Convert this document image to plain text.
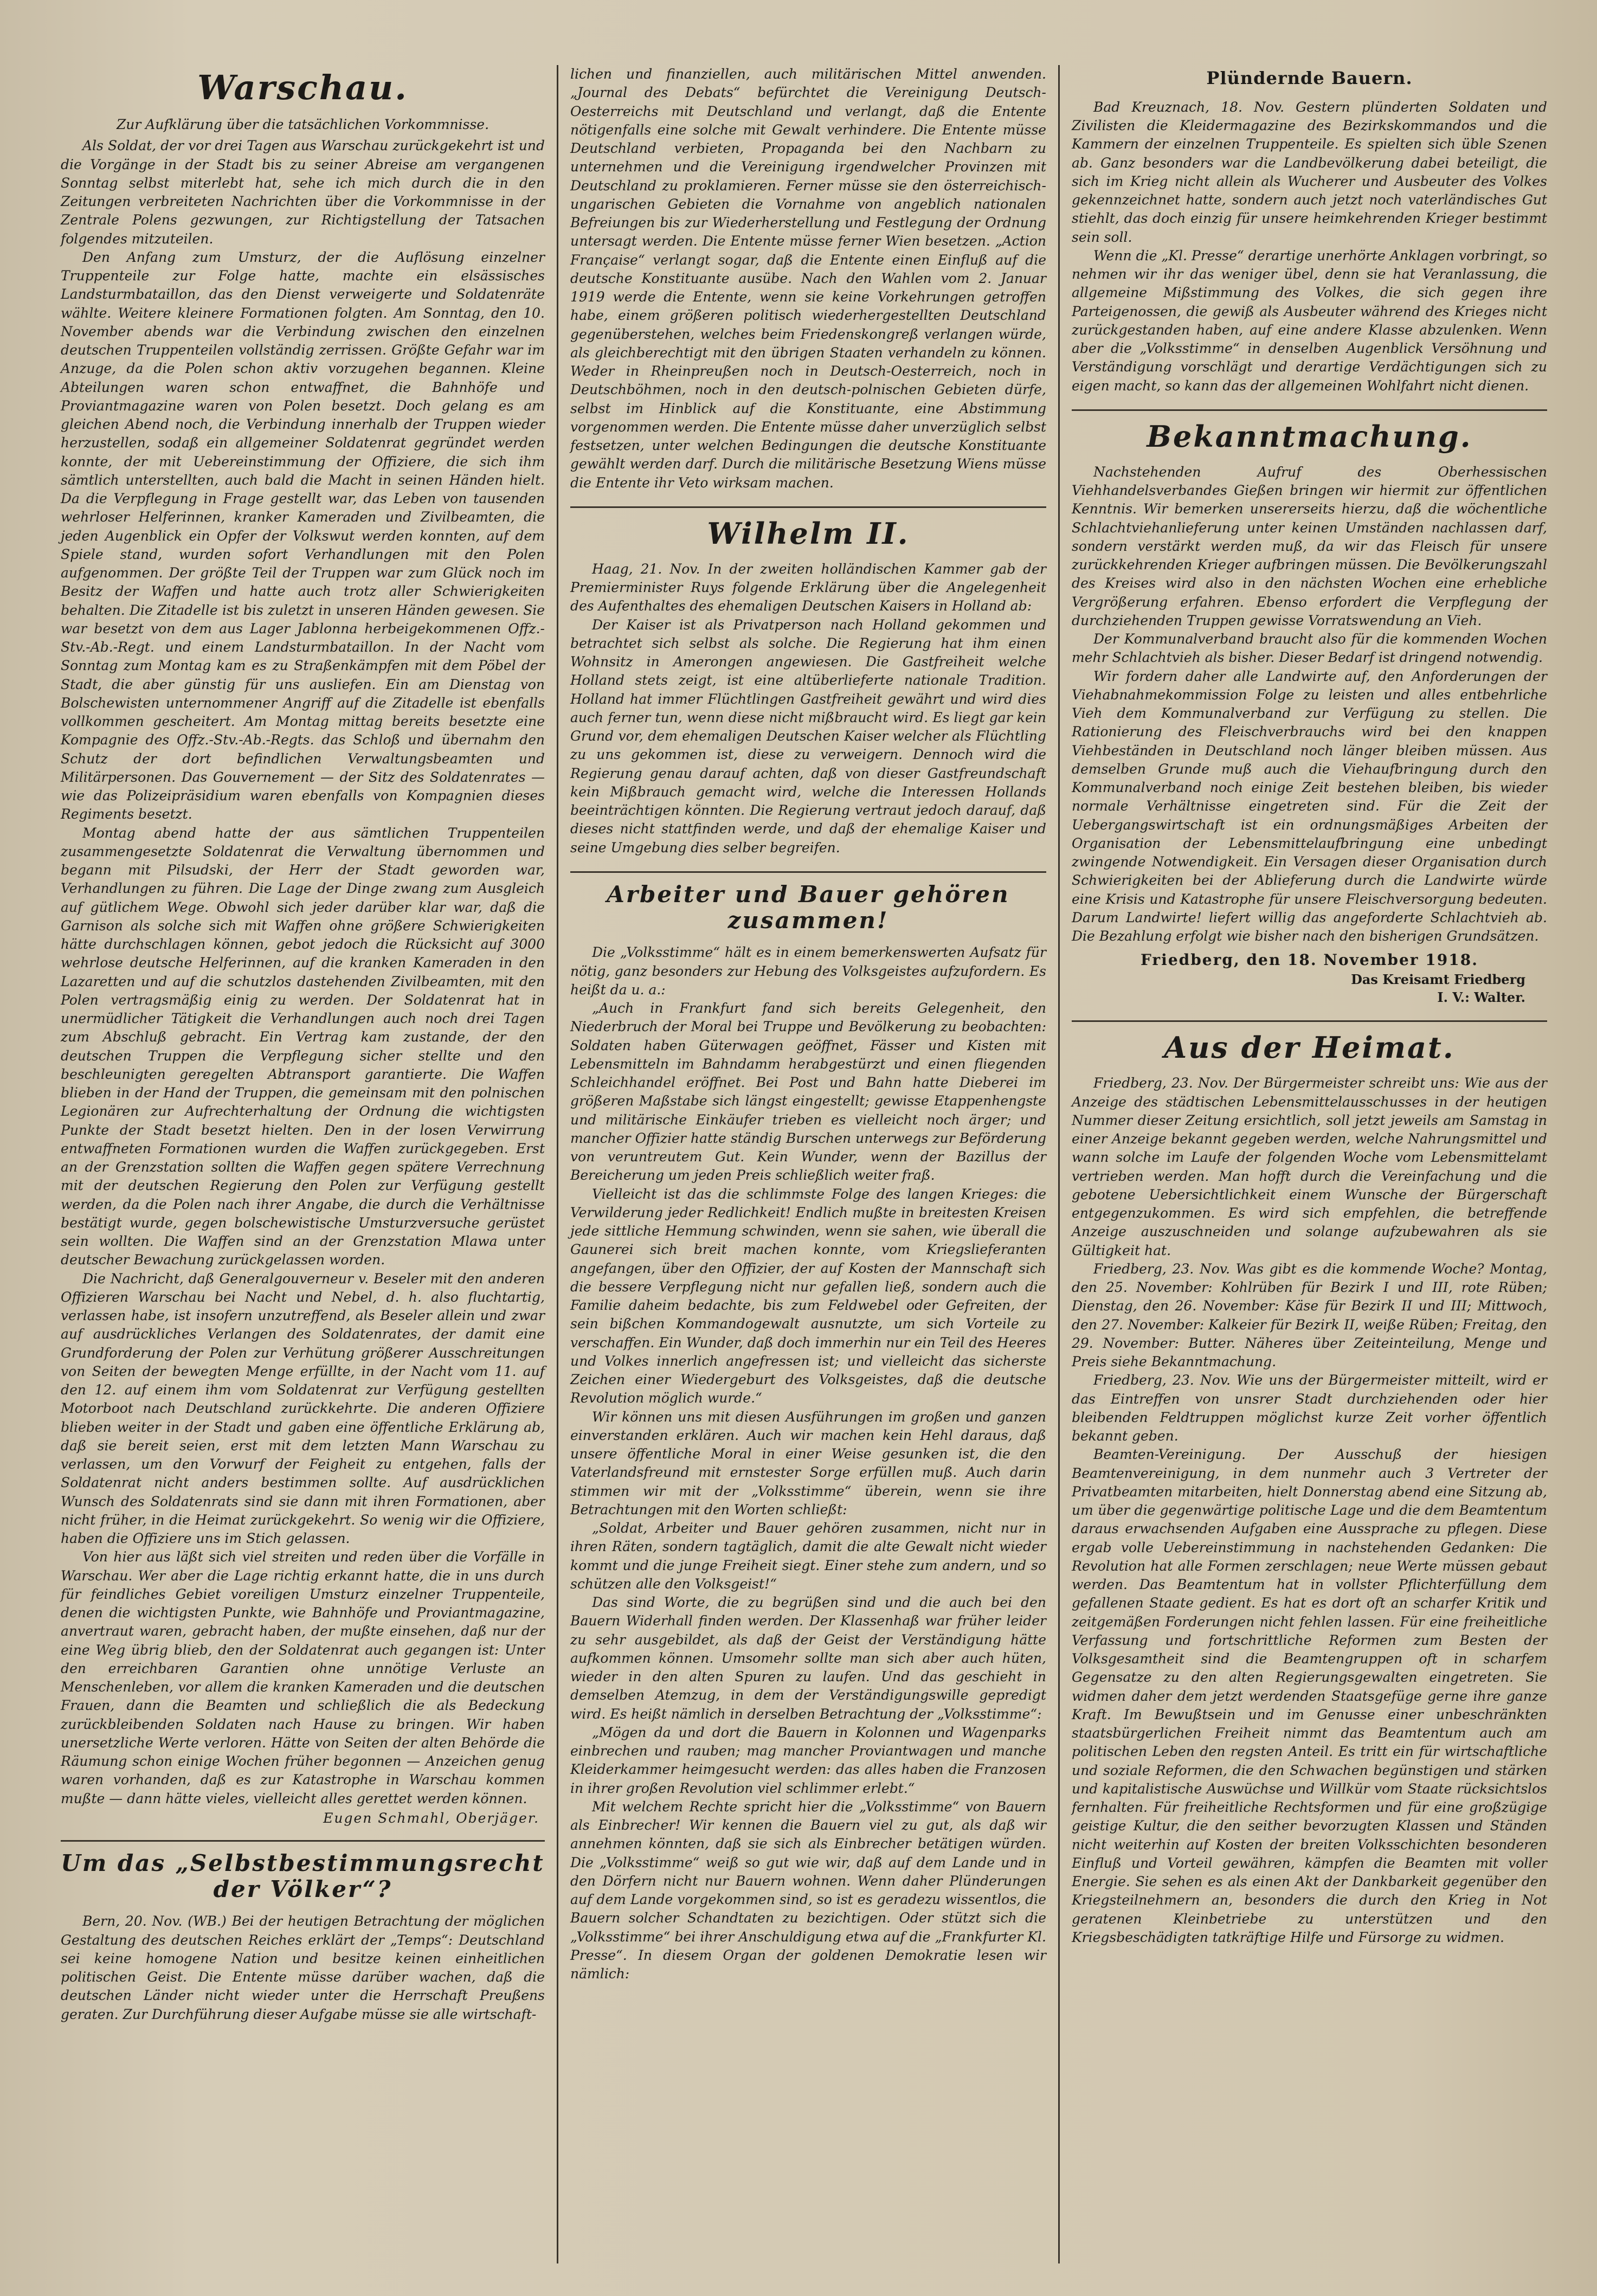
Warschau.
Zur Aufklärung über die tatsächlichen Vorkommnisse.

Als Soldat, der vor drei Tagen aus Warschau zurückgekehrt ist und die Vorgänge in der Stadt bis zu seiner Abreise am vergangenen Sonntag selbst miterlebt hat, sehe ich mich durch die in den Zeitungen verbreiteten Nachrichten über die Vorkommnisse in der Zentrale Polens gezwungen, zur Richtigstellung der Tatsachen folgendes mitzuteilen.

Den Anfang zum Umsturz, der die Auflösung einzelner Truppenteile zur Folge hatte, machte ein elsässisches Landsturmbataillon, das den Dienst verweigerte und Soldatenräte wählte. Weitere kleinere Formationen folgten. Am Sonntag, den 10. November abends war die Verbindung zwischen den einzelnen deutschen Truppenteilen vollständig zerrissen. Größte Gefahr war im Anzuge, da die Polen schon aktiv vorzugehen begannen. Kleine Abteilungen waren schon entwaffnet, die Bahnhöfe und Proviantmagazine waren von Polen besetzt. Doch gelang es am gleichen Abend noch, die Verbindung innerhalb der Truppen wieder herzustellen, sodaß ein allgemeiner Soldatenrat gegründet werden konnte, der mit Uebereinstimmung der Offiziere, die sich ihm sämtlich unterstellten, auch bald die Macht in seinen Händen hielt. Da die Verpflegung in Frage gestellt war, das Leben von tausenden wehrloser Helferinnen, kranker Kameraden und Zivilbeamten, die jeden Augenblick ein Opfer der Volkswut werden konnten, auf dem Spiele stand, wurden sofort Verhandlungen mit den Polen aufgenommen. Der größte Teil der Truppen war zum Glück noch im Besitz der Waffen und hatte auch trotz aller Schwierigkeiten behalten. Die Zitadelle ist bis zuletzt in unseren Händen gewesen. Sie war besetzt von dem aus Lager Jablonna herbeigekommenen Offz.-Stv.-Ab.-Regt. und einem Landsturmbataillon. In der Nacht vom Sonntag zum Montag kam es zu Straßenkämpfen mit dem Pöbel der Stadt, die aber günstig für uns ausliefen. Ein am Dienstag von Bolschewisten unternommener Angriff auf die Zitadelle ist ebenfalls vollkommen gescheitert. Am Montag mittag bereits besetzte eine Kompagnie des Offz.-Stv.-Ab.-Regts. das Schloß und übernahm den Schutz der dort befindlichen Verwaltungsbeamten und Militärpersonen. Das Gouvernement — der Sitz des Soldatenrates — wie das Polizeipräsidium waren ebenfalls von Kompagnien dieses Regiments besetzt.

Montag abend hatte der aus sämtlichen Truppenteilen zusammengesetzte Soldatenrat die Verwaltung übernommen und begann mit Pilsudski, der Herr der Stadt geworden war, Verhandlungen zu führen. Die Lage der Dinge zwang zum Ausgleich auf gütlichem Wege. Obwohl sich jeder darüber klar war, daß die Garnison als solche sich mit Waffen ohne größere Schwierigkeiten hätte durchschlagen können, gebot jedoch die Rücksicht auf 3000 wehrlose deutsche Helferinnen, auf die kranken Kameraden in den Lazaretten und auf die schutzlos dastehenden Zivilbeamten, mit den Polen vertragsmäßig einig zu werden. Der Soldatenrat hat in unermüdlicher Tätigkeit die Verhandlungen auch noch drei Tagen zum Abschluß gebracht. Ein Vertrag kam zustande, der den deutschen Truppen die Verpflegung sicher stellte und den beschleunigten geregelten Abtransport garantierte. Die Waffen blieben in der Hand der Truppen, die gemeinsam mit den polnischen Legionären zur Aufrechterhaltung der Ordnung die wichtigsten Punkte der Stadt besetzt hielten. Den in der losen Verwirrung entwaffneten Formationen wurden die Waffen zurückgegeben. Erst an der Grenzstation sollten die Waffen gegen spätere Verrechnung mit der deutschen Regierung den Polen zur Verfügung gestellt werden, da die Polen nach ihrer Angabe, die durch die Verhältnisse bestätigt wurde, gegen bolschewistische Umsturzversuche gerüstet sein wollten. Die Waffen sind an der Grenzstation Mlawa unter deutscher Bewachung zurückgelassen worden.

Die Nachricht, daß Generalgouverneur v. Beseler mit den anderen Offizieren Warschau bei Nacht und Nebel, d. h. also fluchtartig, verlassen habe, ist insofern unzutreffend, als Beseler allein und zwar auf ausdrückliches Verlangen des Soldatenrates, der damit eine Grundforderung der Polen zur Verhütung größerer Ausschreitungen von Seiten der bewegten Menge erfüllte, in der Nacht vom 11. auf den 12. auf einem ihm vom Soldatenrat zur Verfügung gestellten Motorboot nach Deutschland zurückkehrte. Die anderen Offiziere blieben weiter in der Stadt und gaben eine öffentliche Erklärung ab, daß sie bereit seien, erst mit dem letzten Mann Warschau zu verlassen, um den Vorwurf der Feigheit zu entgehen, falls der Soldatenrat nicht anders bestimmen sollte. Auf ausdrücklichen Wunsch des Soldatenrats sind sie dann mit ihren Formationen, aber nicht früher, in die Heimat zurückgekehrt. So wenig wir die Offiziere, haben die Offiziere uns im Stich gelassen.

Von hier aus läßt sich viel streiten und reden über die Vorfälle in Warschau. Wer aber die Lage richtig erkannt hatte, die in uns durch für feindliches Gebiet voreiligen Umsturz einzelner Truppenteile, denen die wichtigsten Punkte, wie Bahnhöfe und Proviantmagazine, anvertraut waren, gebracht haben, der mußte einsehen, daß nur der eine Weg übrig blieb, den der Soldatenrat auch gegangen ist: Unter den erreichbaren Garantien ohne unnötige Verluste an Menschenleben, vor allem die kranken Kameraden und die deutschen Frauen, dann die Beamten und schließlich die als Bedeckung zurückbleibenden Soldaten nach Hause zu bringen. Wir haben unersetzliche Werte verloren. Hätte von Seiten der alten Behörde die Räumung schon einige Wochen früher begonnen — Anzeichen genug waren vorhanden, daß es zur Katastrophe in Warschau kommen mußte — dann hätte vieles, vielleicht alles gerettet werden können.

Eugen Schmahl, Oberjäger.
Um das „Selbstbestimmungsrecht der Völker“?

Bern, 20. Nov. (WB.) Bei der heutigen Betrachtung der möglichen Gestaltung des deutschen Reiches erklärt der „Temps“: Deutschland sei keine homogene Nation und besitze keinen einheitlichen politischen Geist. Die Entente müsse darüber wachen, daß die deutschen Länder nicht wieder unter die Herrschaft Preußens geraten. Zur Durchführung dieser Aufgabe müsse sie alle wirtschaft-

lichen und finanziellen, auch militärischen Mittel anwenden. „Journal des Debats“ befürchtet die Vereinigung Deutsch-Oesterreichs mit Deutschland und verlangt, daß die Entente nötigenfalls eine solche mit Gewalt verhindere. Die Entente müsse Deutschland verbieten, Propaganda bei den Nachbarn zu unternehmen und die Vereinigung irgendwelcher Provinzen mit Deutschland zu proklamieren. Ferner müsse sie den österreichisch-ungarischen Gebieten die Vornahme von angeblich nationalen Befreiungen bis zur Wiederherstellung und Festlegung der Ordnung untersagt werden. Die Entente müsse ferner Wien besetzen. „Action Française“ verlangt sogar, daß die Entente einen Einfluß auf die deutsche Konstituante ausübe. Nach den Wahlen vom 2. Januar 1919 werde die Entente, wenn sie keine Vorkehrungen getroffen habe, einem größeren politisch wiederhergestellten Deutschland gegenüberstehen, welches beim Friedenskongreß verlangen würde, als gleichberechtigt mit den übrigen Staaten verhandeln zu können. Weder in Rheinpreußen noch in Deutsch-Oesterreich, noch in Deutschböhmen, noch in den deutsch-polnischen Gebieten dürfe, selbst im Hinblick auf die Konstituante, eine Abstimmung vorgenommen werden. Die Entente müsse daher unverzüglich selbst festsetzen, unter welchen Bedingungen die deutsche Konstituante gewählt werden darf. Durch die militärische Besetzung Wiens müsse die Entente ihr Veto wirksam machen.

Wilhelm II.

Haag, 21. Nov. In der zweiten holländischen Kammer gab der Premierminister Ruys folgende Erklärung über die Angelegenheit des Aufenthaltes des ehemaligen Deutschen Kaisers in Holland ab:

Der Kaiser ist als Privatperson nach Holland gekommen und betrachtet sich selbst als solche. Die Regierung hat ihm einen Wohnsitz in Amerongen angewiesen. Die Gastfreiheit welche Holland stets zeigt, ist eine altüberlieferte nationale Tradition. Holland hat immer Flüchtlingen Gastfreiheit gewährt und wird dies auch ferner tun, wenn diese nicht mißbraucht wird. Es liegt gar kein Grund vor, dem ehemaligen Deutschen Kaiser welcher als Flüchtling zu uns gekommen ist, diese zu verweigern. Dennoch wird die Regierung genau darauf achten, daß von dieser Gastfreundschaft kein Mißbrauch gemacht wird, welche die Interessen Hollands beeinträchtigen könnten. Die Regierung vertraut jedoch darauf, daß dieses nicht stattfinden werde, und daß der ehemalige Kaiser und seine Umgebung dies selber begreifen.

Arbeiter und Bauer gehören zusammen!

Die „Volksstimme“ hält es in einem bemerkenswerten Aufsatz für nötig, ganz besonders zur Hebung des Volksgeistes aufzufordern. Es heißt da u. a.:

„Auch in Frankfurt fand sich bereits Gelegenheit, den Niederbruch der Moral bei Truppe und Bevölkerung zu beobachten: Soldaten haben Güterwagen geöffnet, Fässer und Kisten mit Lebensmitteln im Bahndamm herabgestürzt und einen fliegenden Schleichhandel eröffnet. Bei Post und Bahn hatte Dieberei im größeren Maßstabe sich längst eingestellt; gewisse Etappenhengste und militärische Einkäufer trieben es vielleicht noch ärger; und mancher Offizier hatte ständig Burschen unterwegs zur Beförderung von veruntreutem Gut. Kein Wunder, wenn der Bazillus der Bereicherung um jeden Preis schließlich weiter fraß.

Vielleicht ist das die schlimmste Folge des langen Krieges: die Verwilderung jeder Redlichkeit! Endlich mußte in breitesten Kreisen jede sittliche Hemmung schwinden, wenn sie sahen, wie überall die Gaunerei sich breit machen konnte, vom Kriegslieferanten angefangen, über den Offizier, der auf Kosten der Mannschaft sich die bessere Verpflegung nicht nur gefallen ließ, sondern auch die Familie daheim bedachte, bis zum Feldwebel oder Gefreiten, der sein bißchen Kommandogewalt ausnutzte, um sich Vorteile zu verschaffen. Ein Wunder, daß doch immerhin nur ein Teil des Heeres und Volkes innerlich angefressen ist; und vielleicht das sicherste Zeichen einer Wiedergeburt des Volksgeistes, daß die deutsche Revolution möglich wurde.“

Wir können uns mit diesen Ausführungen im großen und ganzen einverstanden erklären. Auch wir machen kein Hehl daraus, daß unsere öffentliche Moral in einer Weise gesunken ist, die den Vaterlandsfreund mit ernstester Sorge erfüllen muß. Auch darin stimmen wir mit der „Volksstimme“ überein, wenn sie ihre Betrachtungen mit den Worten schließt:

„Soldat, Arbeiter und Bauer gehören zusammen, nicht nur in ihren Räten, sondern tagtäglich, damit die alte Gewalt nicht wieder kommt und die junge Freiheit siegt. Einer stehe zum andern, und so schützen alle den Volksgeist!“

Das sind Worte, die zu begrüßen sind und die auch bei den Bauern Widerhall finden werden. Der Klassenhaß war früher leider zu sehr ausgebildet, als daß der Geist der Verständigung hätte aufkommen können. Umsomehr sollte man sich aber auch hüten, wieder in den alten Spuren zu laufen. Und das geschieht in demselben Atemzug, in dem der Verständigungswille gepredigt wird. Es heißt nämlich in derselben Betrachtung der „Volksstimme“:

„Mögen da und dort die Bauern in Kolonnen und Wagenparks einbrechen und rauben; mag mancher Proviantwagen und manche Kleiderkammer heimgesucht werden: das alles haben die Franzosen in ihrer großen Revolution viel schlimmer erlebt.“

Mit welchem Rechte spricht hier die „Volksstimme“ von Bauern als Einbrecher! Wir kennen die Bauern viel zu gut, als daß wir annehmen könnten, daß sie sich als Einbrecher betätigen würden. Die „Volksstimme“ weiß so gut wie wir, daß auf dem Lande und in den Dörfern nicht nur Bauern wohnen. Wenn daher Plünderungen auf dem Lande vorgekommen sind, so ist es geradezu wissentlos, die Bauern solcher Schandtaten zu bezichtigen. Oder stützt sich die „Volksstimme“ bei ihrer Anschuldigung etwa auf die „Frankfurter Kl. Presse“. In diesem Organ der goldenen Demokratie lesen wir nämlich:

Plündernde Bauern.

Bad Kreuznach, 18. Nov. Gestern plünderten Soldaten und Zivilisten die Kleidermagazine des Bezirkskommandos und die Kammern der einzelnen Truppenteile. Es spielten sich üble Szenen ab. Ganz besonders war die Landbevölkerung dabei beteiligt, die sich im Krieg nicht allein als Wucherer und Ausbeuter des Volkes gekennzeichnet hatte, sondern auch jetzt noch vaterländisches Gut stiehlt, das doch einzig für unsere heimkehrenden Krieger bestimmt sein soll.

Wenn die „Kl. Presse“ derartige unerhörte Anklagen vorbringt, so nehmen wir ihr das weniger übel, denn sie hat Veranlassung, die allgemeine Mißstimmung des Volkes, die sich gegen ihre Parteigenossen, die gewiß als Ausbeuter während des Krieges nicht zurückgestanden haben, auf eine andere Klasse abzulenken. Wenn aber die „Volksstimme“ in denselben Augenblick Versöhnung und Verständigung vorschlägt und derartige Verdächtigungen sich zu eigen macht, so kann das der allgemeinen Wohlfahrt nicht dienen.

Bekanntmachung.

Nachstehenden Aufruf des Oberhessischen Viehhandelsverbandes Gießen bringen wir hiermit zur öffentlichen Kenntnis. Wir bemerken unsererseits hierzu, daß die wöchentliche Schlachtviehanlieferung unter keinen Umständen nachlassen darf, sondern verstärkt werden muß, da wir das Fleisch für unsere zurückkehrenden Krieger aufbringen müssen. Die Bevölkerungszahl des Kreises wird also in den nächsten Wochen eine erhebliche Vergrößerung erfahren. Ebenso erfordert die Verpflegung der durchziehenden Truppen gewisse Vorratswendung an Vieh.

Der Kommunalverband braucht also für die kommenden Wochen mehr Schlachtvieh als bisher. Dieser Bedarf ist dringend notwendig.

Wir fordern daher alle Landwirte auf, den Anforderungen der Viehabnahmekommission Folge zu leisten und alles entbehrliche Vieh dem Kommunalverband zur Verfügung zu stellen. Die Rationierung des Fleischverbrauchs wird bei den knappen Viehbeständen in Deutschland noch länger bleiben müssen. Aus demselben Grunde muß auch die Viehaufbringung durch den Kommunalverband noch einige Zeit bestehen bleiben, bis wieder normale Verhältnisse eingetreten sind. Für die Zeit der Uebergangswirtschaft ist ein ordnungsmäßiges Arbeiten der Organisation der Lebensmittelaufbringung eine unbedingt zwingende Notwendigkeit. Ein Versagen dieser Organisation durch Schwierigkeiten bei der Ablieferung durch die Landwirte würde eine Krisis und Katastrophe für unsere Fleischversorgung bedeuten. Darum Landwirte! liefert willig das angeforderte Schlachtvieh ab. Die Bezahlung erfolgt wie bisher nach den bisherigen Grundsätzen.

Friedberg, den 18. November 1918.
Das Kreisamt Friedberg
I. V.: Walter.
Aus der Heimat.

Friedberg, 23. Nov. Der Bürgermeister schreibt uns: Wie aus der Anzeige des städtischen Lebensmittelausschusses in der heutigen Nummer dieser Zeitung ersichtlich, soll jetzt jeweils am Samstag in einer Anzeige bekannt gegeben werden, welche Nahrungsmittel und wann solche im Laufe der folgenden Woche vom Lebensmittelamt vertrieben werden. Man hofft durch die Vereinfachung und die gebotene Uebersichtlichkeit einem Wunsche der Bürgerschaft entgegenzukommen. Es wird sich empfehlen, die betreffende Anzeige auszuschneiden und solange aufzubewahren als sie Gültigkeit hat.

Friedberg, 23. Nov. Was gibt es die kommende Woche? Montag, den 25. November: Kohlrüben für Bezirk I und III, rote Rüben; Dienstag, den 26. November: Käse für Bezirk II und III; Mittwoch, den 27. November: Kalkeier für Bezirk II, weiße Rüben; Freitag, den 29. November: Butter. Näheres über Zeiteinteilung, Menge und Preis siehe Bekanntmachung.

Friedberg, 23. Nov. Wie uns der Bürgermeister mitteilt, wird er das Eintreffen von unsrer Stadt durchziehenden oder hier bleibenden Feldtruppen möglichst kurze Zeit vorher öffentlich bekannt geben.

Beamten-Vereinigung. Der Ausschuß der hiesigen Beamtenvereinigung, in dem nunmehr auch 3 Vertreter der Privatbeamten mitarbeiten, hielt Donnerstag abend eine Sitzung ab, um über die gegenwärtige politische Lage und die dem Beamtentum daraus erwachsenden Aufgaben eine Aussprache zu pflegen. Diese ergab volle Uebereinstimmung in nachstehenden Gedanken: Die Revolution hat alle Formen zerschlagen; neue Werte müssen gebaut werden. Das Beamtentum hat in vollster Pflichterfüllung dem gefallenen Staate gedient. Es hat es dort oft an scharfer Kritik und zeitgemäßen Forderungen nicht fehlen lassen. Für eine freiheitliche Verfassung und fortschrittliche Reformen zum Besten der Volksgesamtheit sind die Beamtengruppen oft in scharfem Gegensatze zu den alten Regierungsgewalten eingetreten. Sie widmen daher dem jetzt werdenden Staatsgefüge gerne ihre ganze Kraft. Im Bewußtsein und im Genusse einer unbeschränkten staatsbürgerlichen Freiheit nimmt das Beamtentum auch am politischen Leben den regsten Anteil. Es tritt ein für wirtschaftliche und soziale Reformen, die den Schwachen begünstigen und stärken und kapitalistische Auswüchse und Willkür vom Staate rücksichtslos fernhalten. Für freiheitliche Rechtsformen und für eine großzügige geistige Kultur, die den seither bevorzugten Klassen und Ständen nicht weiterhin auf Kosten der breiten Volksschichten besonderen Einfluß und Vorteil gewähren, kämpfen die Beamten mit voller Energie. Sie sehen es als einen Akt der Dankbarkeit gegenüber den Kriegsteilnehmern an, besonders die durch den Krieg in Not geratenen Kleinbetriebe zu unterstützen und den Kriegsbeschädigten tatkräftige Hilfe und Fürsorge zu widmen.
